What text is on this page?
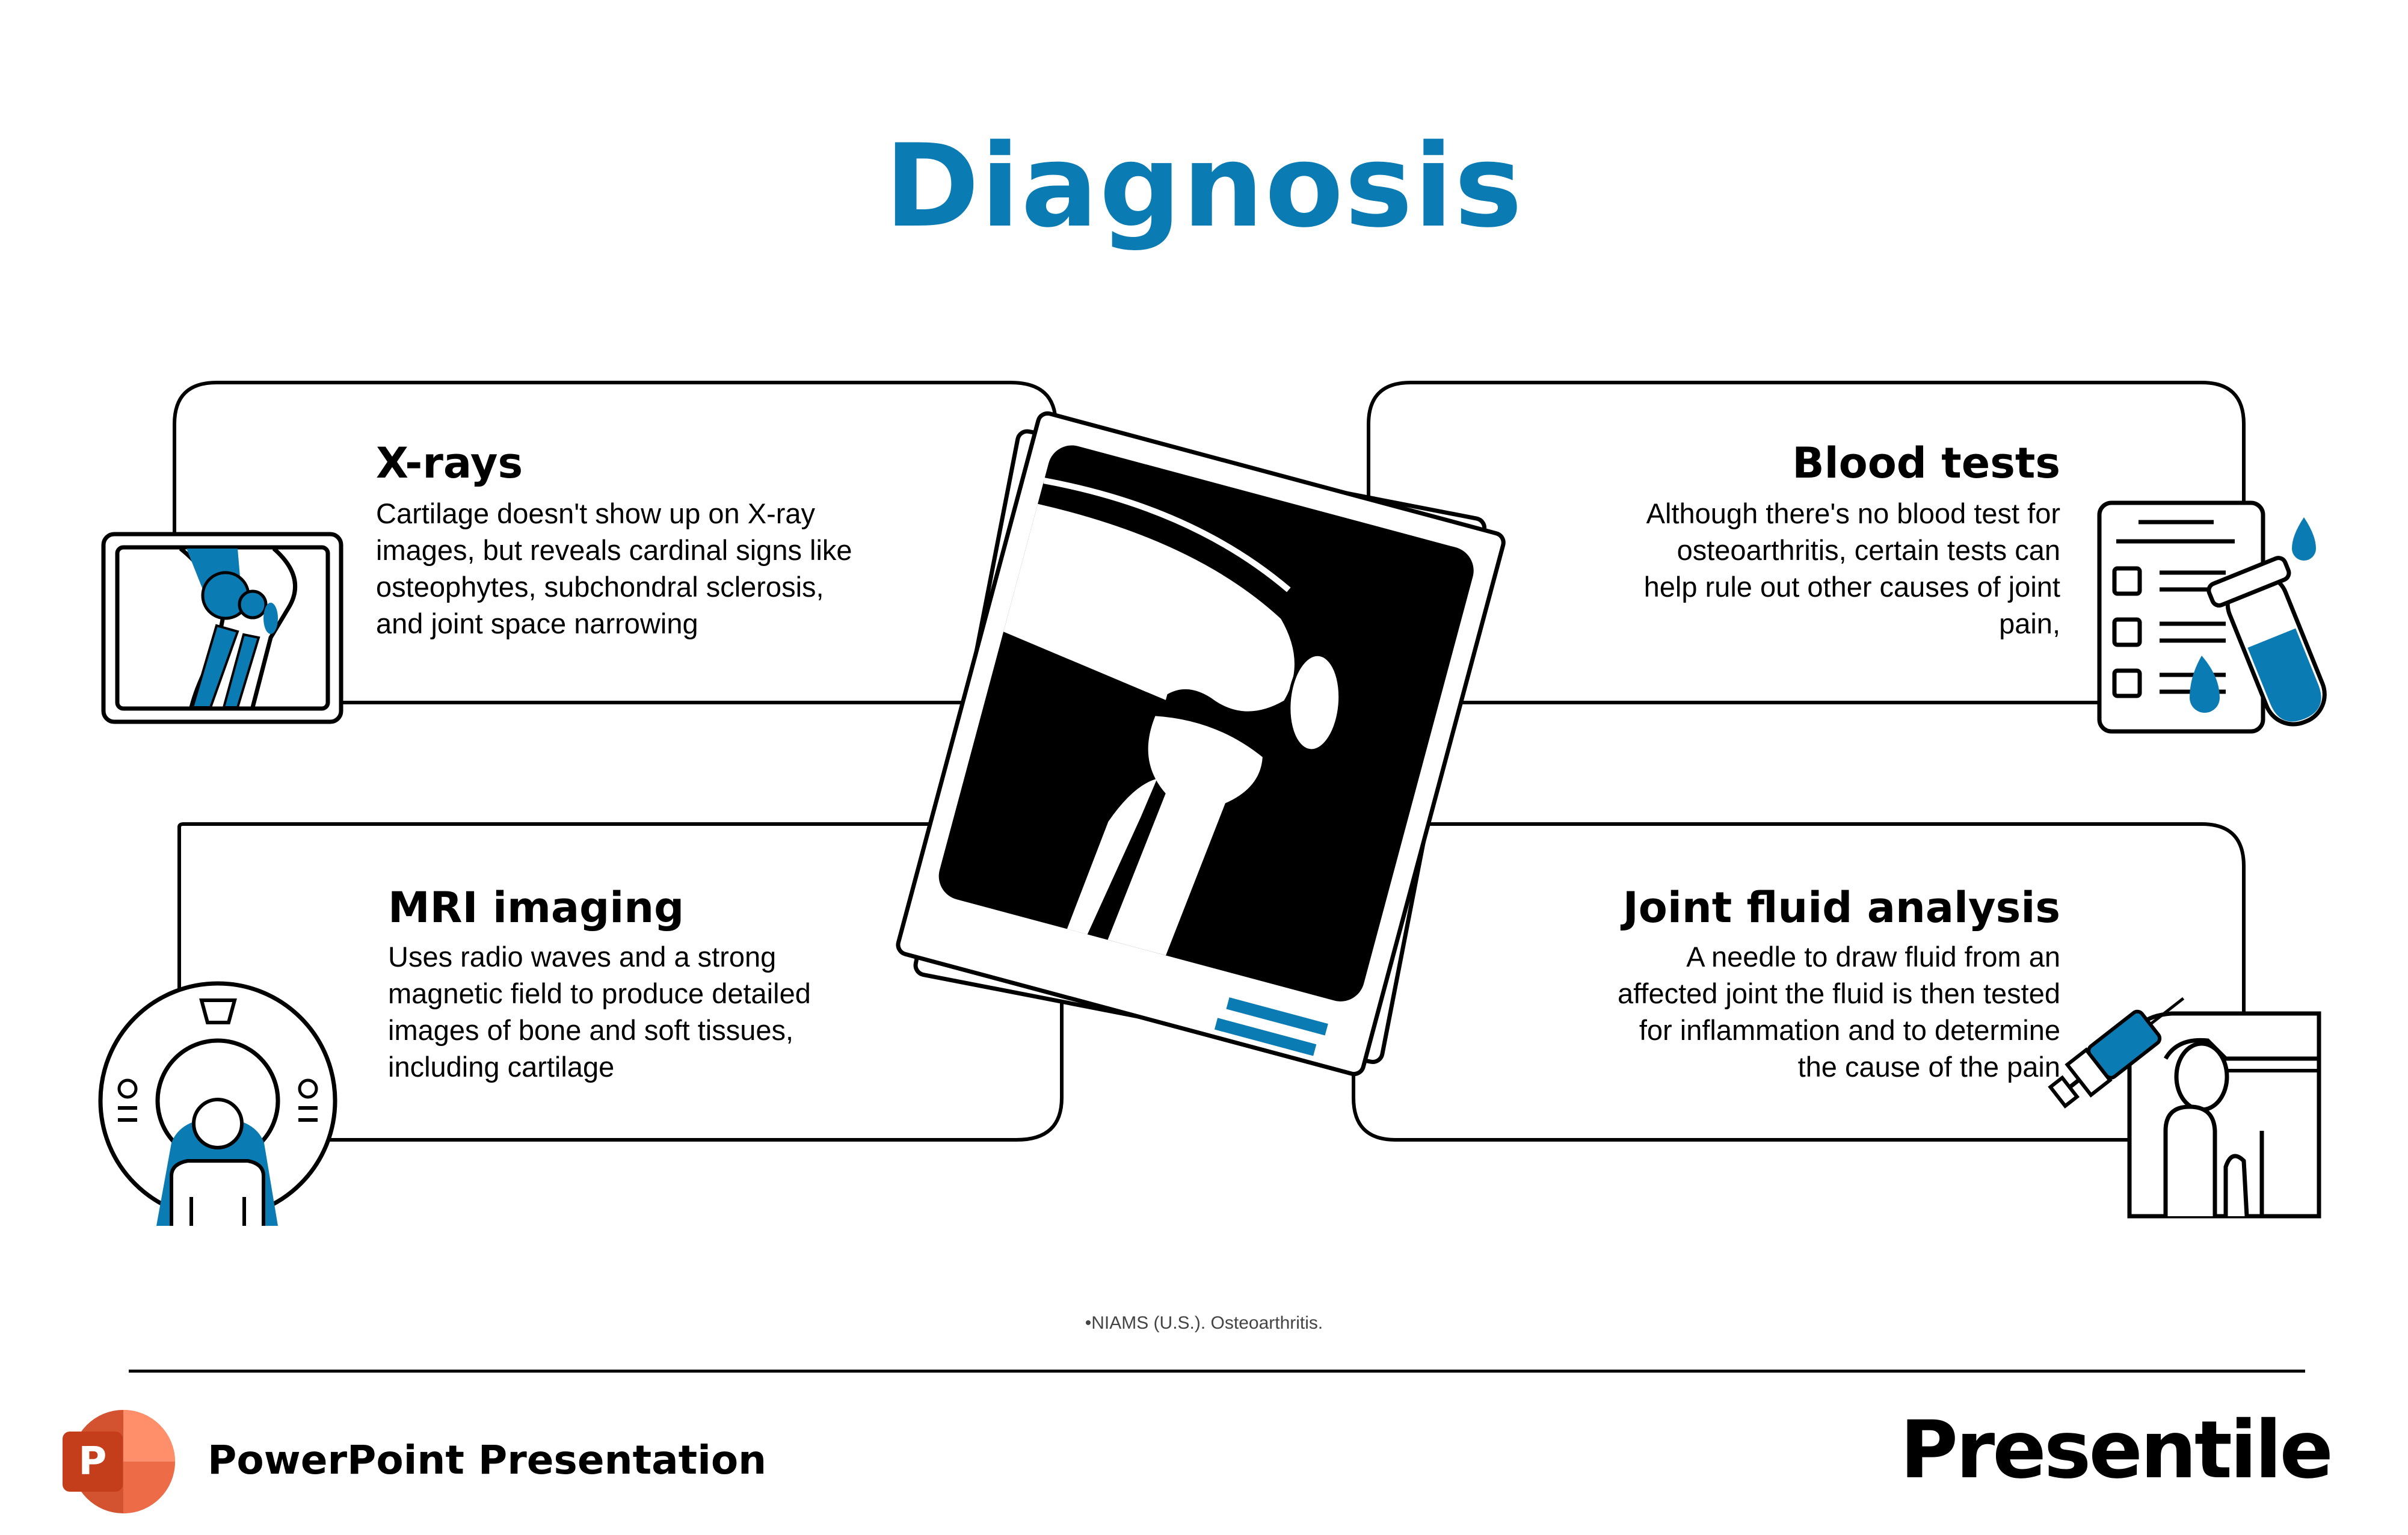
Diagnosis
X-rays
Cartilage doesn't show up on X-ray
images, but reveals cardinal signs like
osteophytes, subchondral sclerosis,
and joint space narrowing
Blood tests
Although there's no blood test for
osteoarthritis, certain tests can
help rule out other causes of joint
pain,
MRI imaging
Uses radio waves and a strong
magnetic field to produce detailed
images of bone and soft tissues,
including cartilage
Joint fluid analysis
A needle to draw fluid from an
affected joint the fluid is then tested
for inflammation and to determine
the cause of the pain
•NIAMS (U.S.). Osteoarthritis.
P	PowerPoint Presentation	Presentile
